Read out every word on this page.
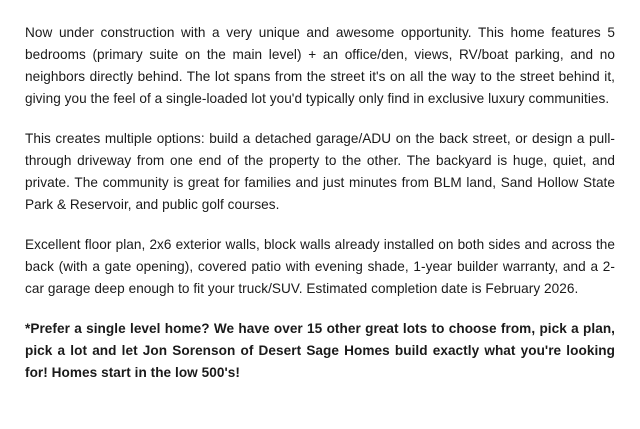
Now under construction with a very unique and awesome opportunity. This home features 5 bedrooms (primary suite on the main level) + an office/den, views, RV/boat parking, and no neighbors directly behind. The lot spans from the street it's on all the way to the street behind it, giving you the feel of a single-loaded lot you'd typically only find in exclusive luxury communities.

This creates multiple options: build a detached garage/ADU on the back street, or design a pull-through driveway from one end of the property to the other. The backyard is huge, quiet, and private. The community is great for families and just minutes from BLM land, Sand Hollow State Park & Reservoir, and public golf courses.

Excellent floor plan, 2x6 exterior walls, block walls already installed on both sides and across the back (with a gate opening), covered patio with evening shade, 1-year builder warranty, and a 2-car garage deep enough to fit your truck/SUV. Estimated completion date is February 2026.

*Prefer a single level home? We have over 15 other great lots to choose from, pick a plan, pick a lot and let Jon Sorenson of Desert Sage Homes build exactly what you're looking for! Homes start in the low 500's!
